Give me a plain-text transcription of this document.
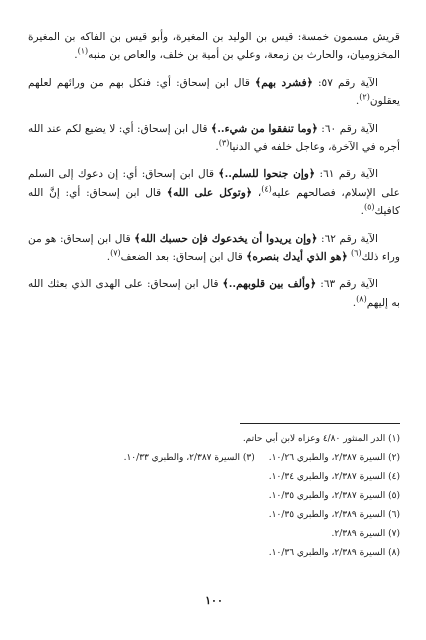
قريش مسمون خمسة: قيس بن الوليد بن المغيرة، وأبو قيس بن الفاكه بن المغيرة المخزوميان، والحارث بن زمعة، وعلي بن أمية بن خلف، والعاص بن منبه$^{(١)}$.

الآية رقم ٥٧: ﴿فشرد بهم﴾ قال ابن إسحاق: أي: فنكل بهم من ورائهم لعلهم يعقلون$^{(٢)}$.

الآية رقم ٦٠: ﴿وما تنفقوا من شيء..﴾ قال ابن إسحاق: أي: لا يضيع لكم عند الله أجره في الآخرة، وعاجل خلفه في الدنيا$^{(٣)}$.

الآية رقم ٦١: ﴿وإن جنحوا للسلم..﴾ قال ابن إسحاق: أي: إن دعوك إلى السلم على الإسلام، فصالحهم عليه$^{(٤)}$، ﴿وتوكل على الله﴾ قال ابن إسحاق: أي: إنَّ الله كافيك$^{(٥)}$.

الآية رقم ٦٢: ﴿وإن يريدوا أن يخدعوك فإن حسبك الله﴾ قال ابن إسحاق: هو من وراء ذلك$^{(٦)}$ ﴿هو الذي أيدك بنصره﴾ قال ابن إسحاق: بعد الضعف$^{(٧)}$.

الآية رقم ٦٣: ﴿وألف بين قلوبهم..﴾ قال ابن إسحاق: على الهدى الذي بعثك الله به إليهم$^{(٨)}$.

(١) الدر المنثور ٤/٨٠ وعزاه لابن أبي حاتم.
(٢) السيرة ٢/٣٨٧، والطبري ١٠/٢٦.(٣) السيرة ٢/٣٨٧، والطبري ١٠/٣٣.
(٤) السيرة ٢/٣٨٧، والطبري ١٠/٣٤.
(٥) السيرة ٢/٣٨٧، والطبري ١٠/٣٥.
(٦) السيرة ٢/٣٨٩، والطبري ١٠/٣٥.
(٧) السيرة ٢/٣٨٩.
(٨) السيرة ٢/٣٨٩، والطبري ١٠/٣٦.
١٠٠
